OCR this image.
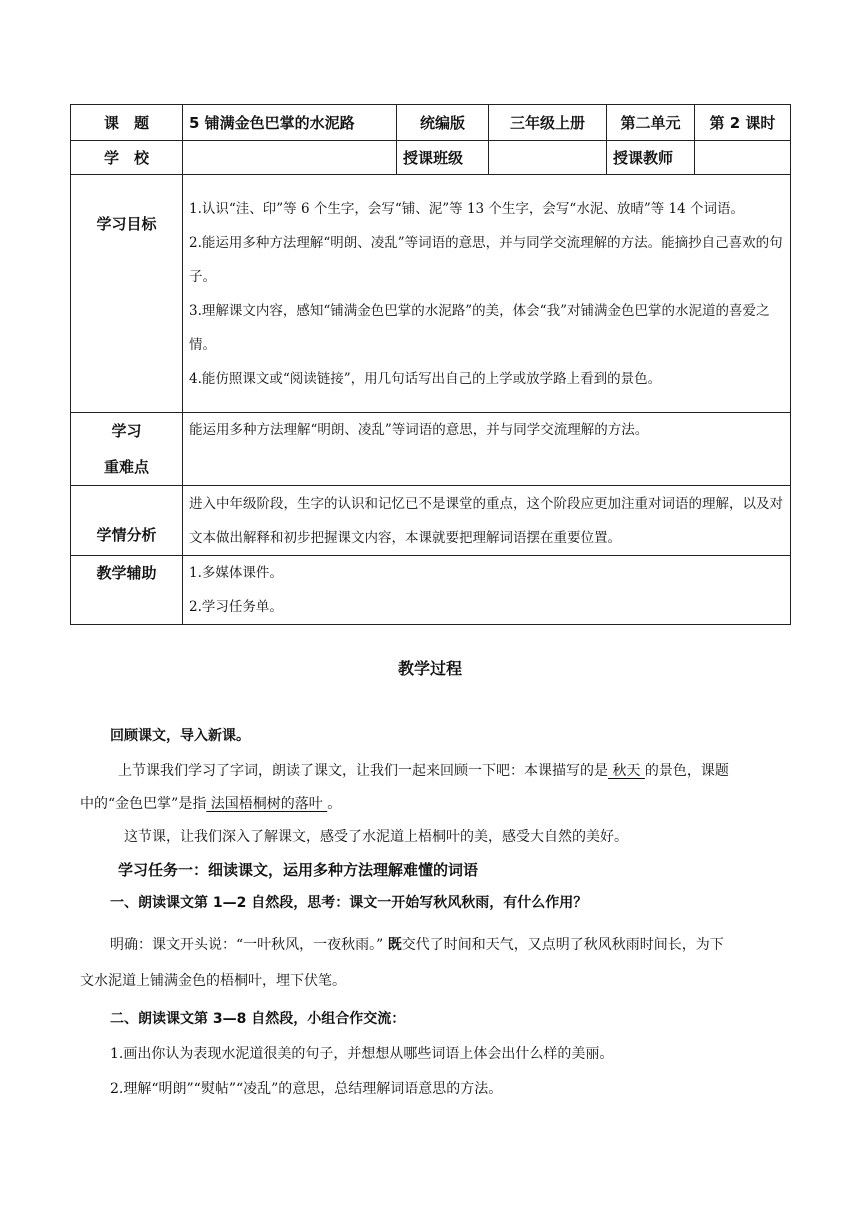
课　题	5 铺满金色巴掌的水泥路	统编版	三年级上册	第二单元	第 2 课时
学　校		授课班级		授课教师	
学习目标	1.认识“洼、印”等 6 个生字，会写“铺、泥”等 13 个生字，会写“水泥、放晴”等 14 个词语。

2.能运用多种方法理解“明朗、凌乱”等词语的意思，并与同学交流理解的方法。能摘抄自己喜欢的句子。

3.理解课文内容，感知“铺满金色巴掌的水泥路”的美，体会“我”对铺满金色巴掌的水泥道的喜爱之情。

4.能仿照课文或“阅读链接”，用几句话写出自己的上学或放学路上看到的景色。				

学习
重难点	能运用多种方法理解“明朗、凌乱”等词语的意思，并与同学交流理解的方法。				
学情分析	进入中年级阶段，生字的认识和记忆已不是课堂的重点，这个阶段应更加注重对词语的理解，以及对文本做出解释和初步把握课文内容，本课就要把理解词语摆在重要位置。				
教学辅助	1.多媒体课件。

2.学习任务单。				

教学过程
回顾课文，导入新课。
上节课我们学习了字词，朗读了课文，让我们一起来回顾一下吧：本课描写的是 秋天 的景色，课题
中的“金色巴掌”是指 法国梧桐树的落叶 。
这节课，让我们深入了解课文，感受了水泥道上梧桐叶的美，感受大自然的美好。
学习任务一：细读课文，运用多种方法理解难懂的词语
一、朗读课文第 1—2 自然段，思考：课文一开始写秋风秋雨，有什么作用？
明确：课文开头说：“一叶秋风，一夜秋雨。” 既交代了时间和天气，又点明了秋风秋雨时间长，为下
文水泥道上铺满金色的梧桐叶，埋下伏笔。
二、朗读课文第 3—8 自然段，小组合作交流：
1.画出你认为表现水泥道很美的句子，并想想从哪些词语上体会出什么样的美丽。
2.理解“明朗”“熨帖”“凌乱”的意思，总结理解词语意思的方法。
